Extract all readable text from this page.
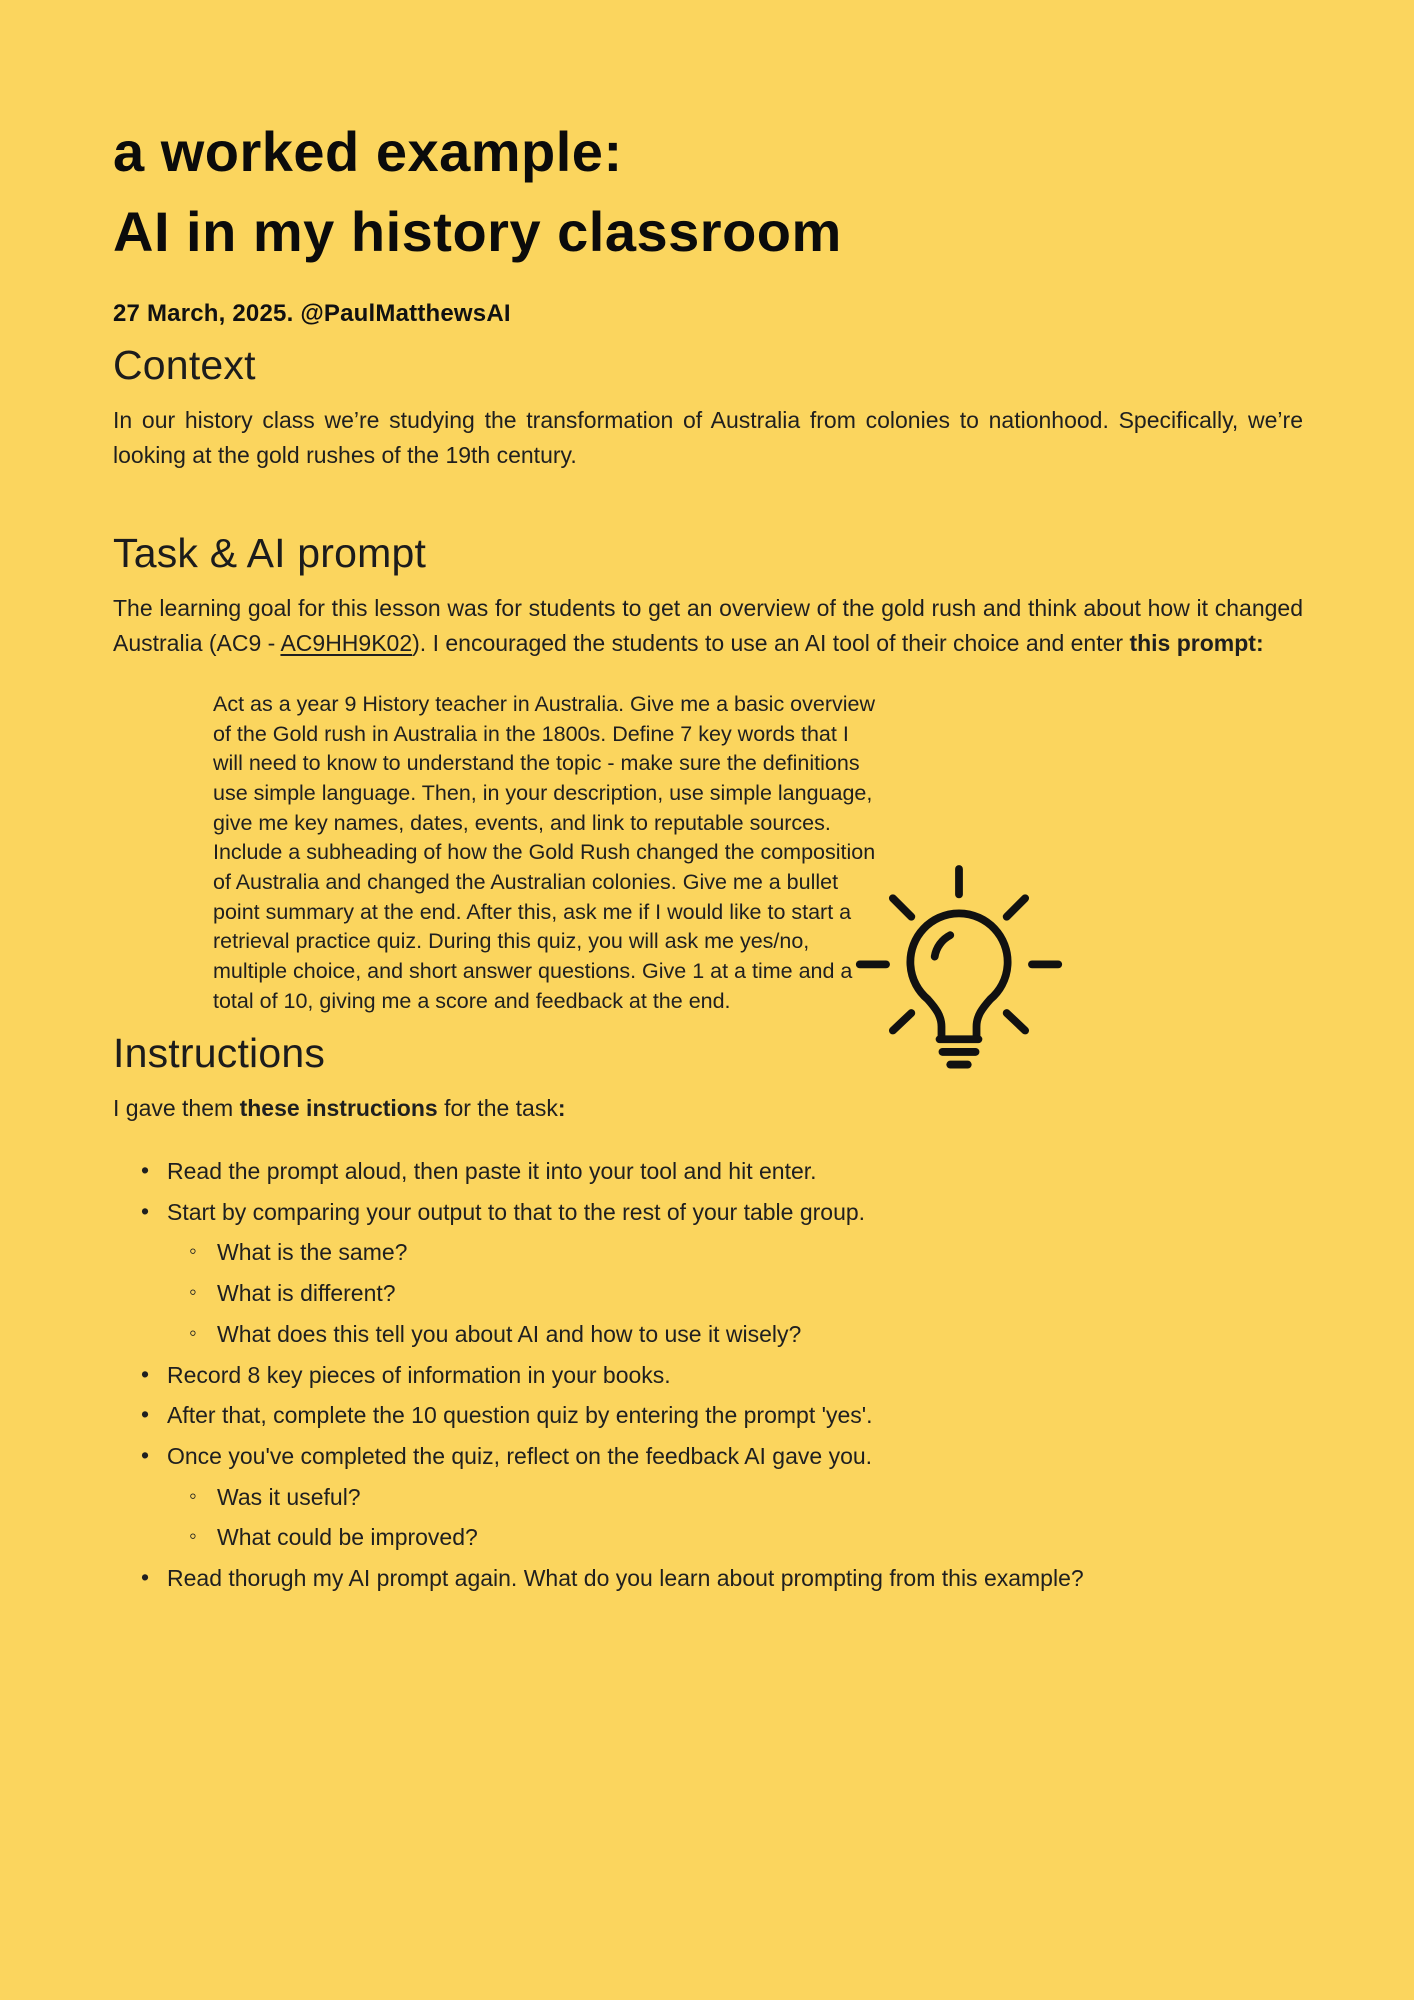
a worked example:
AI in my history classroom
27 March, 2025. @PaulMatthewsAI
Context

In our history class we’re studying the transformation of Australia from colonies to nationhood. Specifically, we’re looking at the gold rushes of the 19th century.

Task & AI prompt

The learning goal for this lesson was for students to get an overview of the gold rush and think about how it changed Australia (AC9 - AC9HH9K02). I encouraged the students to use an AI tool of their choice and enter this prompt:

Act as a year 9 History teacher in Australia. Give me a basic overview of the Gold rush in Australia in the 1800s. Define 7 key words that I will need to know to understand the topic - make sure the definitions use simple language. Then, in your description, use simple language, give me key names, dates, events, and link to reputable sources. Include a subheading of how the Gold Rush changed the composition of Australia and changed the Australian colonies. Give me a bullet point summary at the end. After this, ask me if I would like to start a retrieval practice quiz. During this quiz, you will ask me yes/no, multiple choice, and short answer questions. Give 1 at a time and a total of 10, giving me a score and feedback at the end.
Instructions

I gave them these instructions for the task:

• Read the prompt aloud, then paste it into your tool and hit enter.
• Start by comparing your output to that to the rest of your table group.
◦ What is the same?
◦ What is different?
◦ What does this tell you about AI and how to use it wisely?
• Record 8 key pieces of information in your books.
• After that, complete the 10 question quiz by entering the prompt 'yes'.
• Once you've completed the quiz, reflect on the feedback AI gave you.
◦ Was it useful?
◦ What could be improved?
• Read thorugh my AI prompt again. What do you learn about prompting from this example?
